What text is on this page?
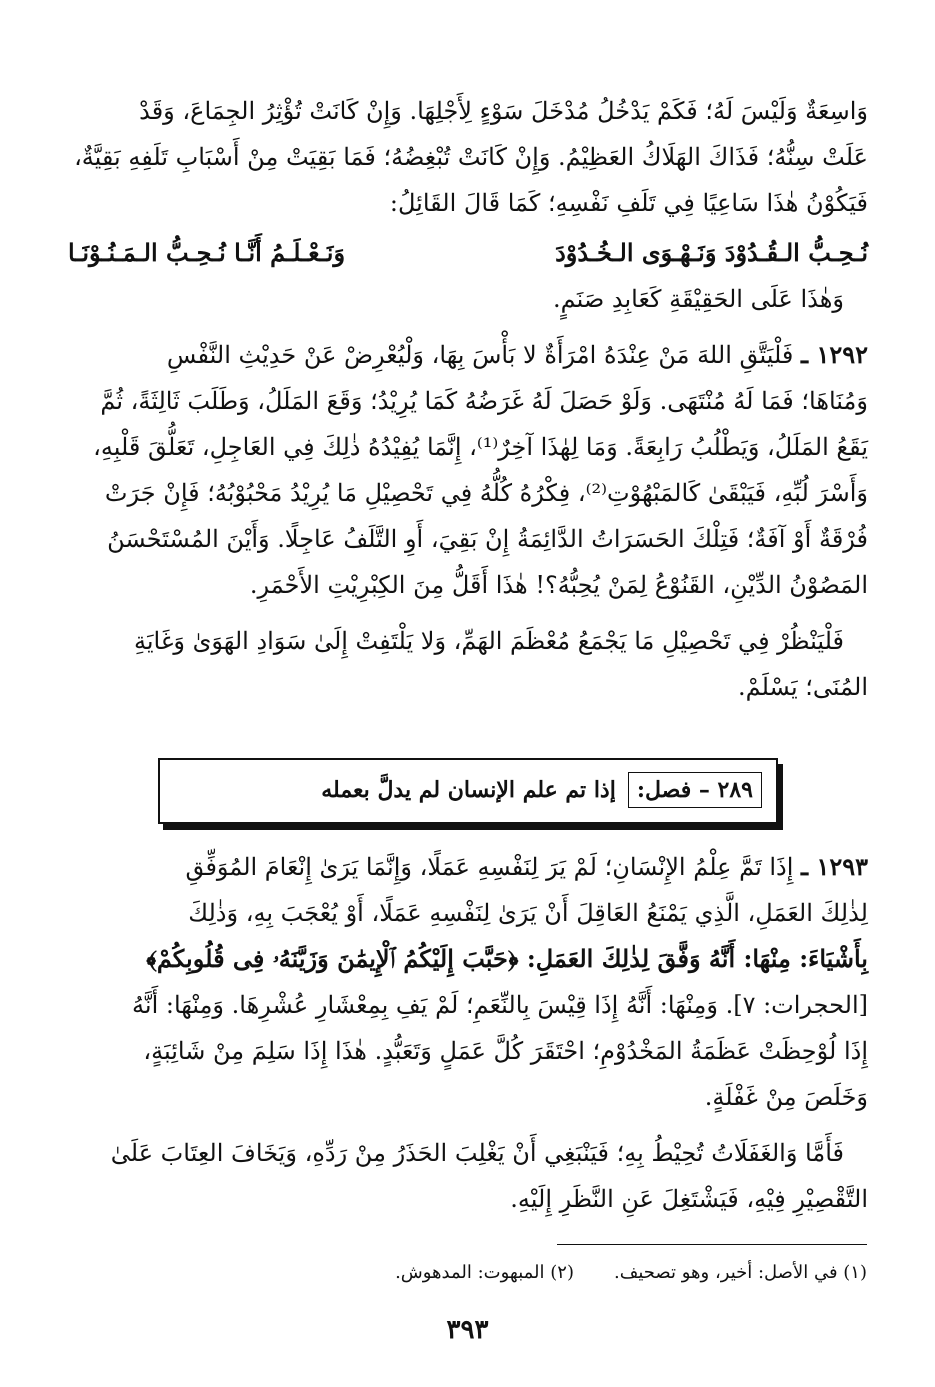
وَاسِعَةٌ وَلَيْسَ لَهُ؛ فَكَمْ يَدْخُلُ مُدْخَلَ سَوْءٍ لِأَجْلِهَا. وَإِنْ كَانَتْ تُؤْثِرُ الجِمَاعَ، وَقَدْ
عَلَتْ سِنُّهُ؛ فَذَاكَ الهَلَاكُ العَظِيْمُ. وَإِنْ كَانَتْ تُبْغِضُهُ؛ فَمَا بَقِيَتْ مِنْ أَسْبَابِ تَلَفِهِ بَقِيَّةٌ،
فَيَكُوْنُ هٰذَا سَاعِيًا فِي تَلَفِ نَفْسِهِ؛ كَمَا قَالَ القَائِلُ:

نُـحِـبُّ الـقُـدُوْدَ وَنَـهْـوَى الـخُـدُوْدَ
وَنَـعْـلَـمُ أَنَّـا نُـحِـبُّ الـمَـنُـوْنَـا

وَهٰذَا عَلَى الحَقِيْقَةِ كَعَابِدِ صَنَمٍ.

١٢٩٢ ـ فَلْيَتَّقِ اللهَ مَنْ عِنْدَهُ امْرَأَةٌ لا بَأْسَ بِهَا، وَلْيُعْرِضْ عَنْ حَدِيْثِ النَّفْسِ
وَمُنَاهَا؛ فَمَا لَهُ مُنْتَهَى. وَلَوْ حَصَلَ لَهُ غَرَضُهُ كَمَا يُرِيْدُ؛ وَقَعَ المَلَلُ، وَطَلَبَ ثَالِثَةً، ثُمَّ
يَقَعُ المَلَلُ، وَيَطْلُبُ رَابِعَةً. وَمَا لِهٰذَا آخِرٌ⁽¹⁾، إِنَّمَا يُفِيْدُهُ ذٰلِكَ فِي العَاجِلِ، تَعَلُّقَ قَلْبِهِ،
وَأَسْرَ لُبِّهِ، فَيَبْقَىٰ كَالمَبْهُوْتِ⁽²⁾، فِكْرُهُ كُلُّهُ فِي تَحْصِيْلِ مَا يُرِيْدُ مَحْبُوْبُهُ؛ فَإِنْ جَرَتْ
فُرْقَةٌ أَوْ آفَةٌ؛ فَتِلْكَ الحَسَرَاتُ الدَّائِمَةُ إِنْ بَقِيَ، أَوِ التَّلَفُ عَاجِلًا. وَأَيْنَ المُسْتَحْسَنُ
المَصُوْنُ الدِّيْنِ، القَنُوْعُ لِمَنْ يُحِبُّهُ؟! هٰذَا أَقَلُّ مِنَ الكِبْرِيْتِ الأَحْمَرِ.

فَلْيَنْظُرْ فِي تَحْصِيْلِ مَا يَجْمَعُ مُعْظَمَ الهَمِّ، وَلا يَلْتَفِتْ إِلَىٰ سَوَادِ الهَوَىٰ وَغَايَةِ
المُنَى؛ يَسْلَمْ.

٢٨٩ – فصل:
إذا تم علم الإنسان لم يدلَّ بعمله

١٢٩٣ ـ إِذَا تَمَّ عِلْمُ الإِنْسَانِ؛ لَمْ يَرَ لِنَفْسِهِ عَمَلًا، وَإِنَّمَا يَرَىٰ إِنْعَامَ المُوَفِّقِ
لِذٰلِكَ العَمَلِ، الَّذِي يَمْنَعُ العَاقِلَ أَنْ يَرَىٰ لِنَفْسِهِ عَمَلًا، أَوْ يُعْجَبَ بِهِ، وَذٰلِكَ
بِأَشْيَاءَ: مِنْهَا: أَنَّهُ وَفَّقَ لِذٰلِكَ العَمَلِ: ﴿حَبَّبَ إِلَيْكُمُ ٱلْإِيمَٰنَ وَزَيَّنَهُۥ فِى قُلُوبِكُمْ﴾
[الحجرات: ٧]. وَمِنْهَا: أَنَّهُ إِذَا قِيْسَ بِالنِّعَمِ؛ لَمْ يَفِ بِمِعْشَارِ عُشْرِهَا. وَمِنْهَا: أَنَّهُ
إِذَا لُوْحِظَتْ عَظَمَةُ المَخْدُوْمِ؛ احْتَقَرَ كُلَّ عَمَلٍ وَتَعَبُّدٍ. هٰذَا إِذَا سَلِمَ مِنْ شَائِبَةٍ،
وَخَلَصَ مِنْ غَفْلَةٍ.

فَأَمَّا وَالغَفَلَاتُ تُحِيْطُ بِهِ؛ فَيَنْبَغِي أَنْ يَغْلِبَ الحَذَرُ مِنْ رَدِّهِ، وَيَخَافَ العِتَابَ عَلَىٰ
التَّقْصِيْرِ فِيْهِ، فَيَشْتَغِلَ عَنِ النَّظَرِ إِلَيْهِ.

(١) في الأصل: أخير، وهو تصحيف.
(٢) المبهوت: المدهوش.
٣٩٣
